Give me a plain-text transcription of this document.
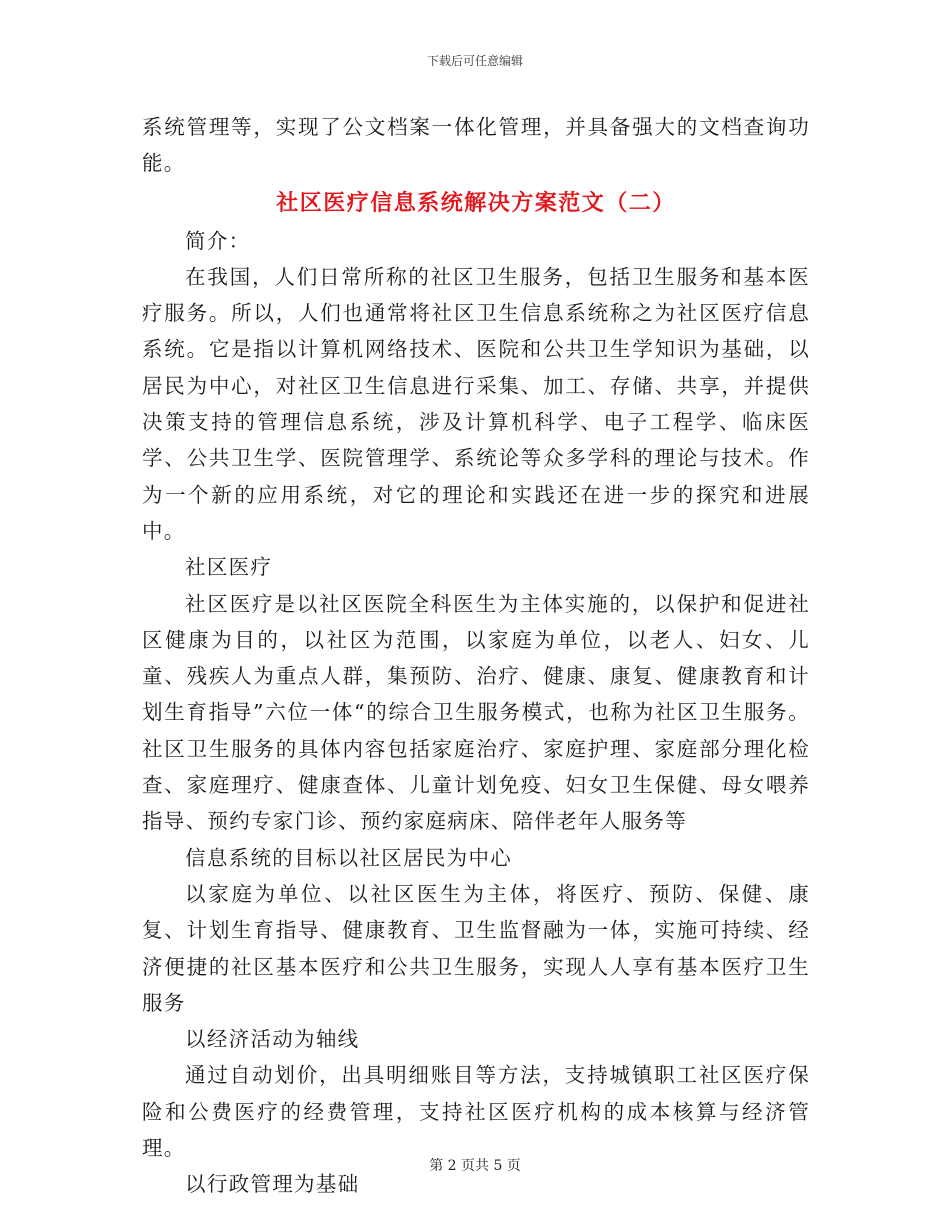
下载后可任意编辑

系统管理等，实现了公文档案一体化管理，并具备强大的文档查询功能。

社区医疗信息系统解决方案范文（二）

简介：

在我国，人们日常所称的社区卫生服务，包括卫生服务和基本医疗服务。所以，人们也通常将社区卫生信息系统称之为社区医疗信息系统。它是指以计算机网络技术、医院和公共卫生学知识为基础，以居民为中心，对社区卫生信息进行采集、加工、存储、共享，并提供决策支持的管理信息系统，涉及计算机科学、电子工程学、临床医学、公共卫生学、医院管理学、系统论等众多学科的理论与技术。作为一个新的应用系统，对它的理论和实践还在进一步的探究和进展中。

社区医疗

社区医疗是以社区医院全科医生为主体实施的，以保护和促进社区健康为目的，以社区为范围，以家庭为单位，以老人、妇女、儿童、残疾人为重点人群，集预防、治疗、健康、康复、健康教育和计划生育指导”六位一体“的综合卫生服务模式，也称为社区卫生服务。社区卫生服务的具体内容包括家庭治疗、家庭护理、家庭部分理化检查、家庭理疗、健康查体、儿童计划免疫、妇女卫生保健、母女喂养指导、预约专家门诊、预约家庭病床、陪伴老年人服务等

信息系统的目标以社区居民为中心

以家庭为单位、以社区医生为主体，将医疗、预防、保健、康复、计划生育指导、健康教育、卫生监督融为一体，实施可持续、经济便捷的社区基本医疗和公共卫生服务，实现人人享有基本医疗卫生服务

以经济活动为轴线

通过自动划价，出具明细账目等方法，支持城镇职工社区医疗保险和公费医疗的经费管理，支持社区医疗机构的成本核算与经济管理。

以行政管理为基础

第 2 页共 5 页
